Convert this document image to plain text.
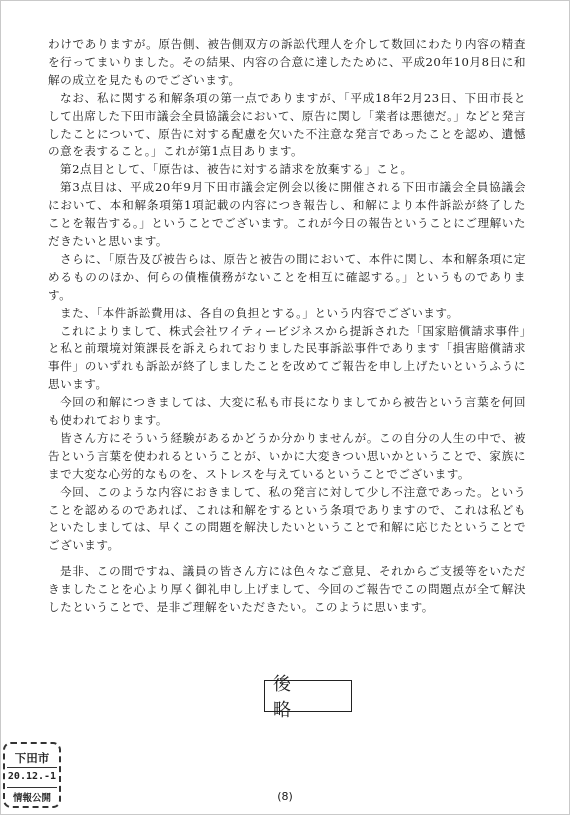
わけでありますが。原告側、被告側双方の訴訟代理人を介して数回にわたり内容の精査を行ってまいりました。その結果、内容の合意に達したために、平成20年10月8日に和解の成立を見たものでございます。

なお、私に関する和解条項の第一点でありますが、「平成18年2月23日、下田市長として出席した下田市議会全員協議会において、原告に関し「業者は悪徳だ。」などと発言したことについて、原告に対する配慮を欠いた不注意な発言であったことを認め、遺憾の意を表すること。」これが第1点目あります。

第2点目として、「原告は、被告に対する請求を放棄する」こと。

第3点目は、平成20年9月下田市議会定例会以後に開催される下田市議会全員協議会において、本和解条項第1項記載の内容につき報告し、和解により本件訴訟が終了したことを報告する。」ということでございます。これが今日の報告ということにご理解いただきたいと思います。

さらに、「原告及び被告らは、原告と被告の間において、本件に関し、本和解条項に定めるもののほか、何らの債権債務がないことを相互に確認する。」というものであります。

また、「本件訴訟費用は、各自の負担とする。」という内容でございます。

これによりまして、株式会社ワイティービジネスから提訴された「国家賠償請求事件」と私と前環境対策課長を訴えられておりました民事訴訟事件であります「損害賠償請求事件」のいずれも訴訟が終了しましたことを改めてご報告を申し上げたいというふうに思います。

今回の和解につきましては、大変に私も市長になりましてから被告という言葉を何回も使われております。

皆さん方にそういう経験があるかどうか分かりませんが。この自分の人生の中で、被告という言葉を使われるということが、いかに大変きつい思いかということで、家族にまで大変な心労的なものを、ストレスを与えているということでございます。

今回、このような内容におきまして、私の発言に対して少し不注意であった。ということを認めるのであれば、これは和解をするという条項でありますので、これは私どもといたしましては、早くこの問題を解決したいということで和解に応じたということでございます。

是非、この間ですね、議員の皆さん方には色々なご意見、それからご支援等をいただきましたことを心より厚く御礼申し上げまして、今回のご報告でこの問題点が全て解決したということで、是非ご理解をいただきたい。このように思います。

後 略
下田市
20.12.-1
情報公開	(8)
